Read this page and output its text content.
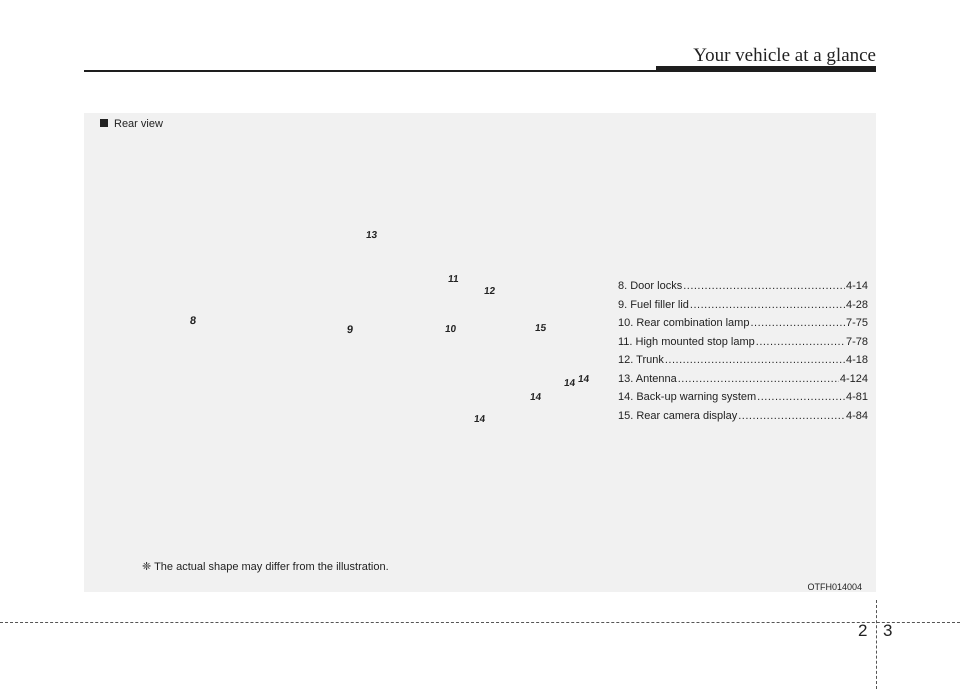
Your vehicle at a glance
Rear view
13
11
12
8
9	10	15
14 14
14
14
8. Door locks .....	4-14
9. Fuel filler lid .....	4-28
10. Rear combination lamp .....	7-75
11. High mounted stop lamp .....	7-78
12. Trunk .....	4-18
13. Antenna .....	4-124
14. Back-up warning system .....	4-81
15. Rear camera display .....	4-84
❈ The actual shape may differ from the illustration.
OTFH014004
2 3
